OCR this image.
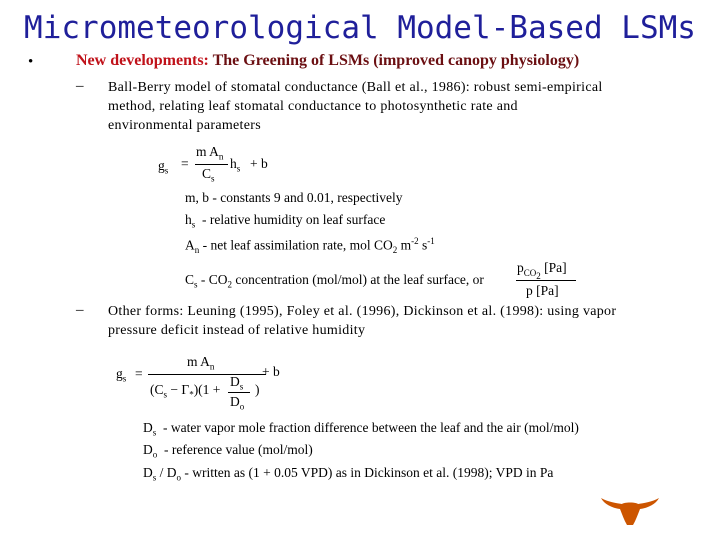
Micrometeorological Model-Based LSMs
•	New developments: The Greening of LSMs (improved canopy physiology)
– Ball-Berry model of stomatal conductance (Ball et al., 1986): robust semi-empirical
method, relating leaf stomatal conductance to photosynthetic rate and
environmental parameters
$g_s$ =
m $A_n$
$C_s$
$h_s + b$
m, b - constants 9 and 0.01, respectively
$h_s$ - relative humidity on leaf surface
$A_n$ - net leaf assimilation rate, mol $CO_2$ $m^{-2}$ $s^{-1}$
$C_s - CO_2$ concentration (mol/mol) at the leaf surface, or
$p_{CO_2}$ [Pa]
p [Pa]
– Other forms: Leuning (1995), Foley et al. (1996), Dickinson et al. (1998): using vapor
pressure deficit instead of relative humidity
$g_s$ =
m $A_n$
$(C_s - \Gamma_*)(1$ +
$D_s$
$D_o$
)
+ b
$D_s$ - water vapor mole fraction difference between the leaf and the air (mol/mol)
$D_o$ - reference value (mol/mol)
$D_s / D_o$ - written as (1 + 0.05 VPD) as in Dickinson et al. (1998); VPD in Pa
